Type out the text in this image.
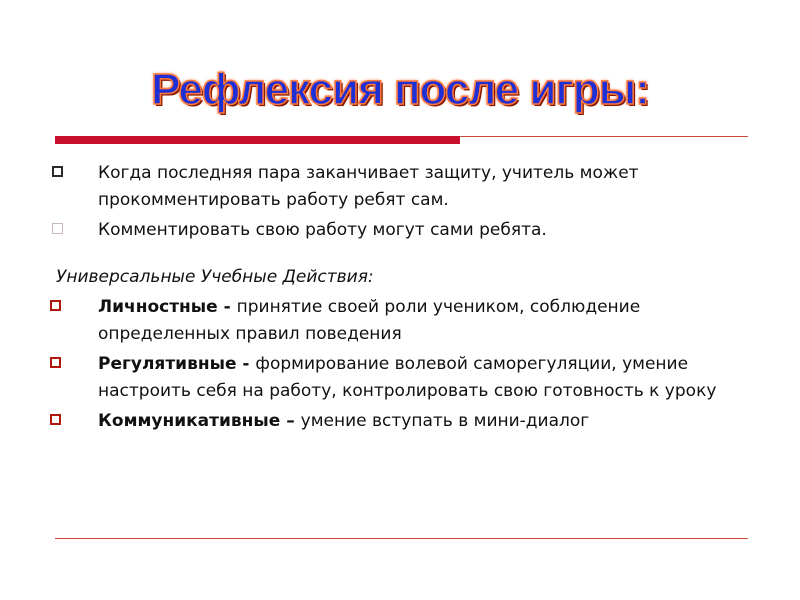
Рефлексия после игры:
Когда последняя пара заканчивает защиту, учитель может прокомментировать работу ребят сам.
Комментировать свою работу могут сами ребята.
Универсальные Учебные Действия:
Личностные - принятие своей роли учеником, соблюдение определенных правил поведения
Регулятивные - формирование волевой саморегуляции, умение настроить себя на работу, контролировать свою готовность к уроку
Коммуникативные – умение вступать в мини-диалог
